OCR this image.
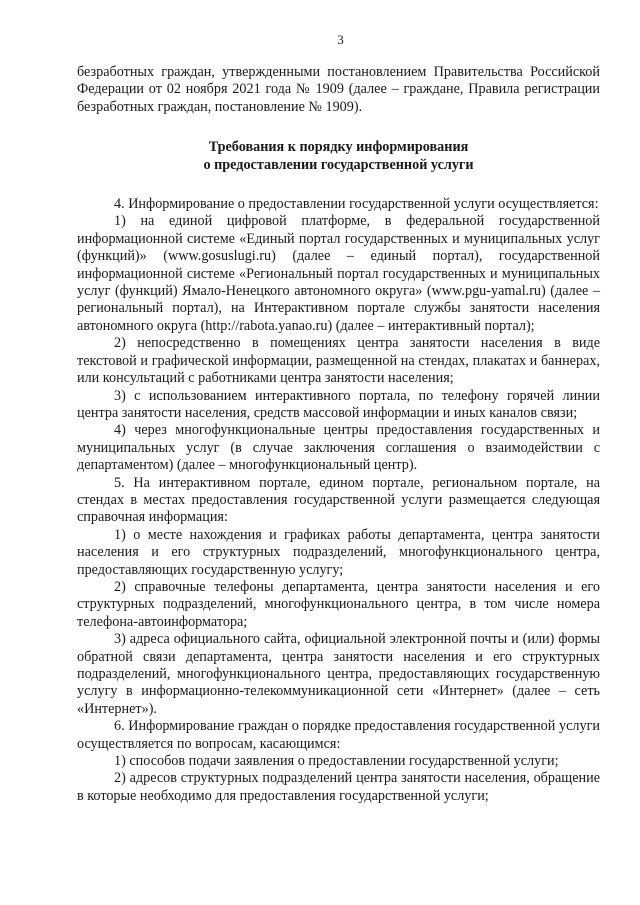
3

безработных граждан, утвержденными постановлением Правительства Российской Федерации от 02 ноября 2021 года № 1909 (далее – граждане, Правила регистрации безработных граждан, постановление № 1909).

Требования к порядку информирования
о предоставлении государственной услуги

4. Информирование о предоставлении государственной услуги осуществляется:

1) на единой цифровой платформе, в федеральной государственной информационной системе «Единый портал государственных и муниципальных услуг (функций)» (www.gosuslugi.ru) (далее – единый портал), государственной информационной системе «Региональный портал государственных и муниципальных услуг (функций) Ямало-Ненецкого автономного округа» (www.pgu-yamal.ru) (далее – региональный портал), на Интерактивном портале службы занятости населения автономного округа (http://rabota.yanao.ru) (далее – интерактивный портал);

2) непосредственно в помещениях центра занятости населения в виде текстовой и графической информации, размещенной на стендах, плакатах и баннерах, или консультаций с работниками центра занятости населения;

3) с использованием интерактивного портала, по телефону горячей линии центра занятости населения, средств массовой информации и иных каналов связи;

4) через многофункциональные центры предоставления государственных и муниципальных услуг (в случае заключения соглашения о взаимодействии с департаментом) (далее – многофункциональный центр).

5. На интерактивном портале, едином портале, региональном портале, на стендах в местах предоставления государственной услуги размещается следующая справочная информация:

1) о месте нахождения и графиках работы департамента, центра занятости населения и его структурных подразделений, многофункционального центра, предоставляющих государственную услугу;

2) справочные телефоны департамента, центра занятости населения и его структурных подразделений, многофункционального центра, в том числе номера телефона-автоинформатора;

3) адреса официального сайта, официальной электронной почты и (или) формы обратной связи департамента, центра занятости населения и его структурных подразделений, многофункционального центра, предоставляющих государственную услугу в информационно-телекоммуникационной сети «Интернет» (далее – сеть «Интернет»).

6. Информирование граждан о порядке предоставления государственной услуги осуществляется по вопросам, касающимся:

1) способов подачи заявления о предоставлении государственной услуги;

2) адресов структурных подразделений центра занятости населения, обращение в которые необходимо для предоставления государственной услуги;
